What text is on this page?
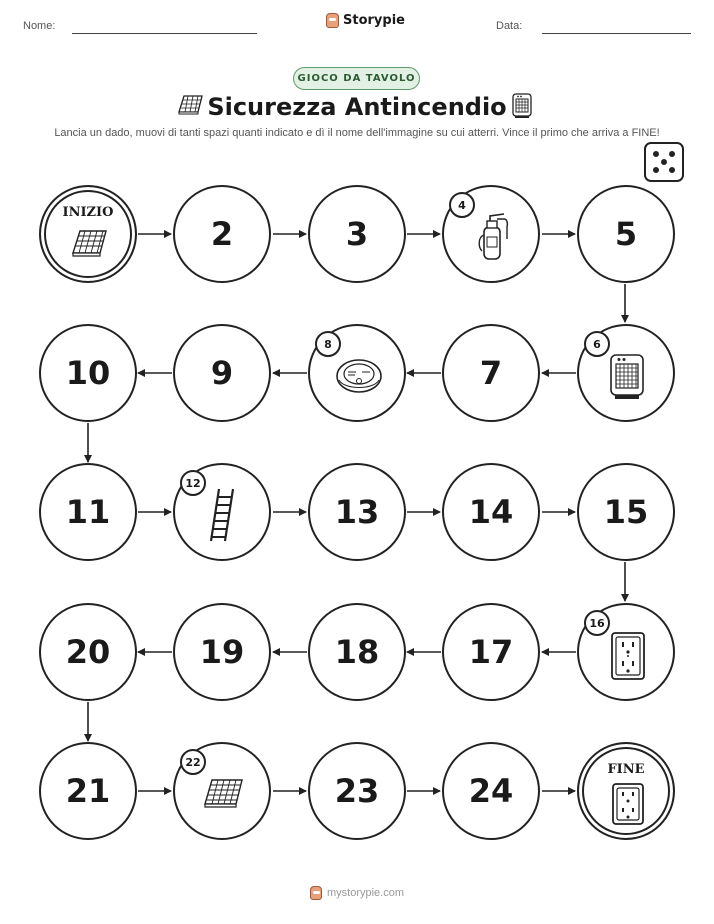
Nome:	Storypie	Data:
GIOCO DA TAVOLO
Sicurezza Antincendio
Lancia un dado, muovi di tanti spazi quanti indicato e dì il nome dell'immagine su cui atterri. Vince il primo che arriva a FINE!
INIZIO
2	3
4
5
10	9
8
7
6
11
12
13	14	15
20	19	18	17
16
21
22
23	24
FINE
mystorypie.com
